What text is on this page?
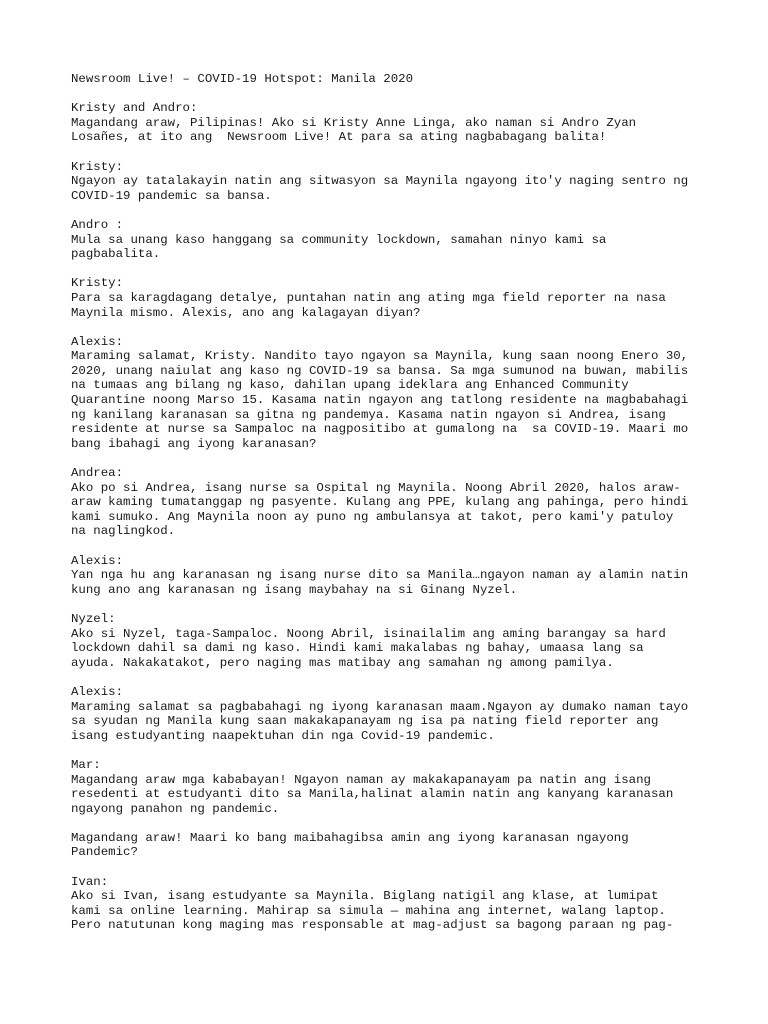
Newsroom Live! – COVID-19 Hotspot: Manila 2020
Kristy and Andro:
Magandang araw, Pilipinas! Ako si Kristy Anne Linga, ako naman si Andro Zyan
Losañes, at ito ang  Newsroom Live! At para sa ating nagbabagang balita!
Kristy:
Ngayon ay tatalakayin natin ang sitwasyon sa Maynila ngayong ito'y naging sentro ng
COVID-19 pandemic sa bansa.
Andro :
Mula sa unang kaso hanggang sa community lockdown, samahan ninyo kami sa
pagbabalita.
Kristy:
Para sa karagdagang detalye, puntahan natin ang ating mga field reporter na nasa
Maynila mismo. Alexis, ano ang kalagayan diyan?
Alexis:
Maraming salamat, Kristy. Nandito tayo ngayon sa Maynila, kung saan noong Enero 30,
2020, unang naiulat ang kaso ng COVID-19 sa bansa. Sa mga sumunod na buwan, mabilis
na tumaas ang bilang ng kaso, dahilan upang ideklara ang Enhanced Community
Quarantine noong Marso 15. Kasama natin ngayon ang tatlong residente na magbabahagi
ng kanilang karanasan sa gitna ng pandemya. Kasama natin ngayon si Andrea, isang
residente at nurse sa Sampaloc na nagpositibo at gumalong na  sa COVID-19. Maari mo
bang ibahagi ang iyong karanasan?
Andrea:
Ako po si Andrea, isang nurse sa Ospital ng Maynila. Noong Abril 2020, halos araw-
araw kaming tumatanggap ng pasyente. Kulang ang PPE, kulang ang pahinga, pero hindi
kami sumuko. Ang Maynila noon ay puno ng ambulansya at takot, pero kami'y patuloy
na naglingkod.
Alexis:
Yan nga hu ang karanasan ng isang nurse dito sa Manila…ngayon naman ay alamin natin
kung ano ang karanasan ng isang maybahay na si Ginang Nyzel.
Nyzel:
Ako si Nyzel, taga-Sampaloc. Noong Abril, isinailalim ang aming barangay sa hard
lockdown dahil sa dami ng kaso. Hindi kami makalabas ng bahay, umaasa lang sa
ayuda. Nakakatakot, pero naging mas matibay ang samahan ng among pamilya.
Alexis:
Maraming salamat sa pagbabahagi ng iyong karanasan maam.Ngayon ay dumako naman tayo
sa syudan ng Manila kung saan makakapanayam ng isa pa nating field reporter ang
isang estudyanting naapektuhan din nga Covid-19 pandemic.
Mar:
Magandang araw mga kababayan! Ngayon naman ay makakapanayam pa natin ang isang
resedenti at estudyanti dito sa Manila,halinat alamin natin ang kanyang karanasan
ngayong panahon ng pandemic.
Magandang araw! Maari ko bang maibahagibsa amin ang iyong karanasan ngayong
Pandemic?
Ivan:
Ako si Ivan, isang estudyante sa Maynila. Biglang natigil ang klase, at lumipat
kami sa online learning. Mahirap sa simula — mahina ang internet, walang laptop.
Pero natutunan kong maging mas responsable at mag-adjust sa bagong paraan ng pag-
